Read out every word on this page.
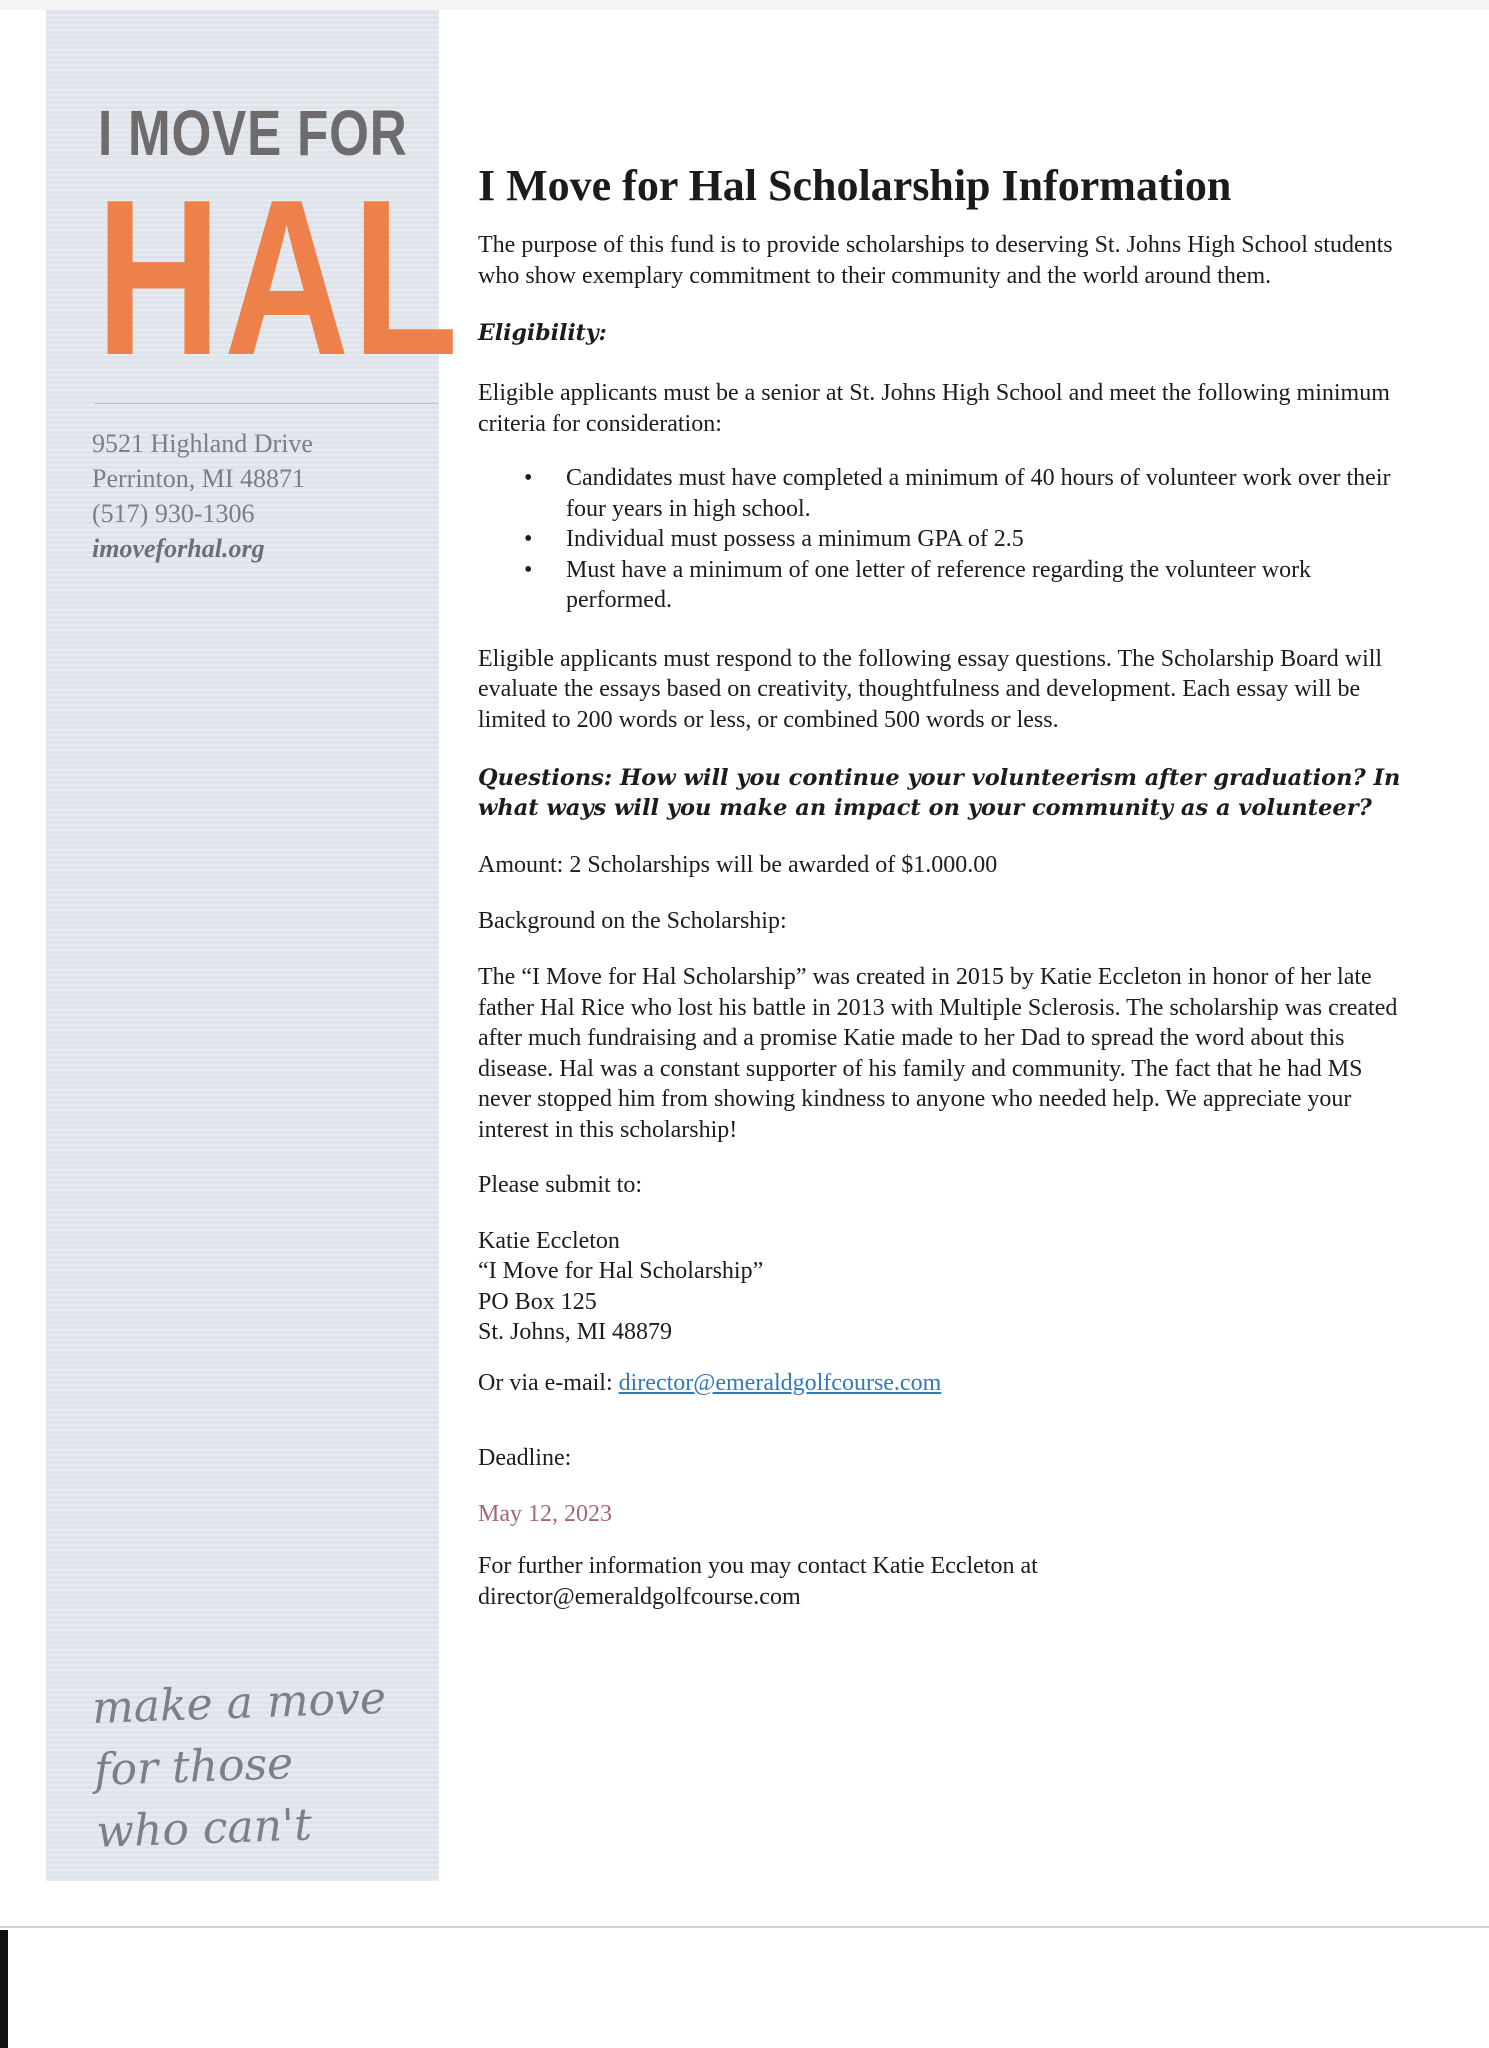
I MOVE FOR
HAL
9521 Highland Drive
Perrinton, MI 48871
(517) 930-1306
imoveforhal.org
make a move
for those
who can't
I Move for Hal Scholarship Information

The purpose of this fund is to provide scholarships to deserving St. Johns High School students who show exemplary commitment to their community and the world around them.

Eligibility:

Eligible applicants must be a senior at St. Johns High School and meet the following minimum criteria for consideration:

• Candidates must have completed a minimum of 40 hours of volunteer work over their four years in high school.
• Individual must possess a minimum GPA of 2.5
• Must have a minimum of one letter of reference regarding the volunteer work performed.

Eligible applicants must respond to the following essay questions. The Scholarship Board will evaluate the essays based on creativity, thoughtfulness and development. Each essay will be limited to 200 words or less, or combined 500 words or less.

Questions: How will you continue your volunteerism after graduation? In what ways will you make an impact on your community as a volunteer?

Amount: 2 Scholarships will be awarded of $1.000.00

Background on the Scholarship:

The “I Move for Hal Scholarship” was created in 2015 by Katie Eccleton in honor of her late father Hal Rice who lost his battle in 2013 with Multiple Sclerosis. The scholarship was created after much fundraising and a promise Katie made to her Dad to spread the word about this disease. Hal was a constant supporter of his family and community. The fact that he had MS never stopped him from showing kindness to anyone who needed help. We appreciate your interest in this scholarship!

Please submit to:

Katie Eccleton
“I Move for Hal Scholarship”
PO Box 125
St. Johns, MI 48879

Or via e-mail: director@emeraldgolfcourse.com

Deadline:

May 12, 2023

For further information you may contact Katie Eccleton at
director@emeraldgolfcourse.com
